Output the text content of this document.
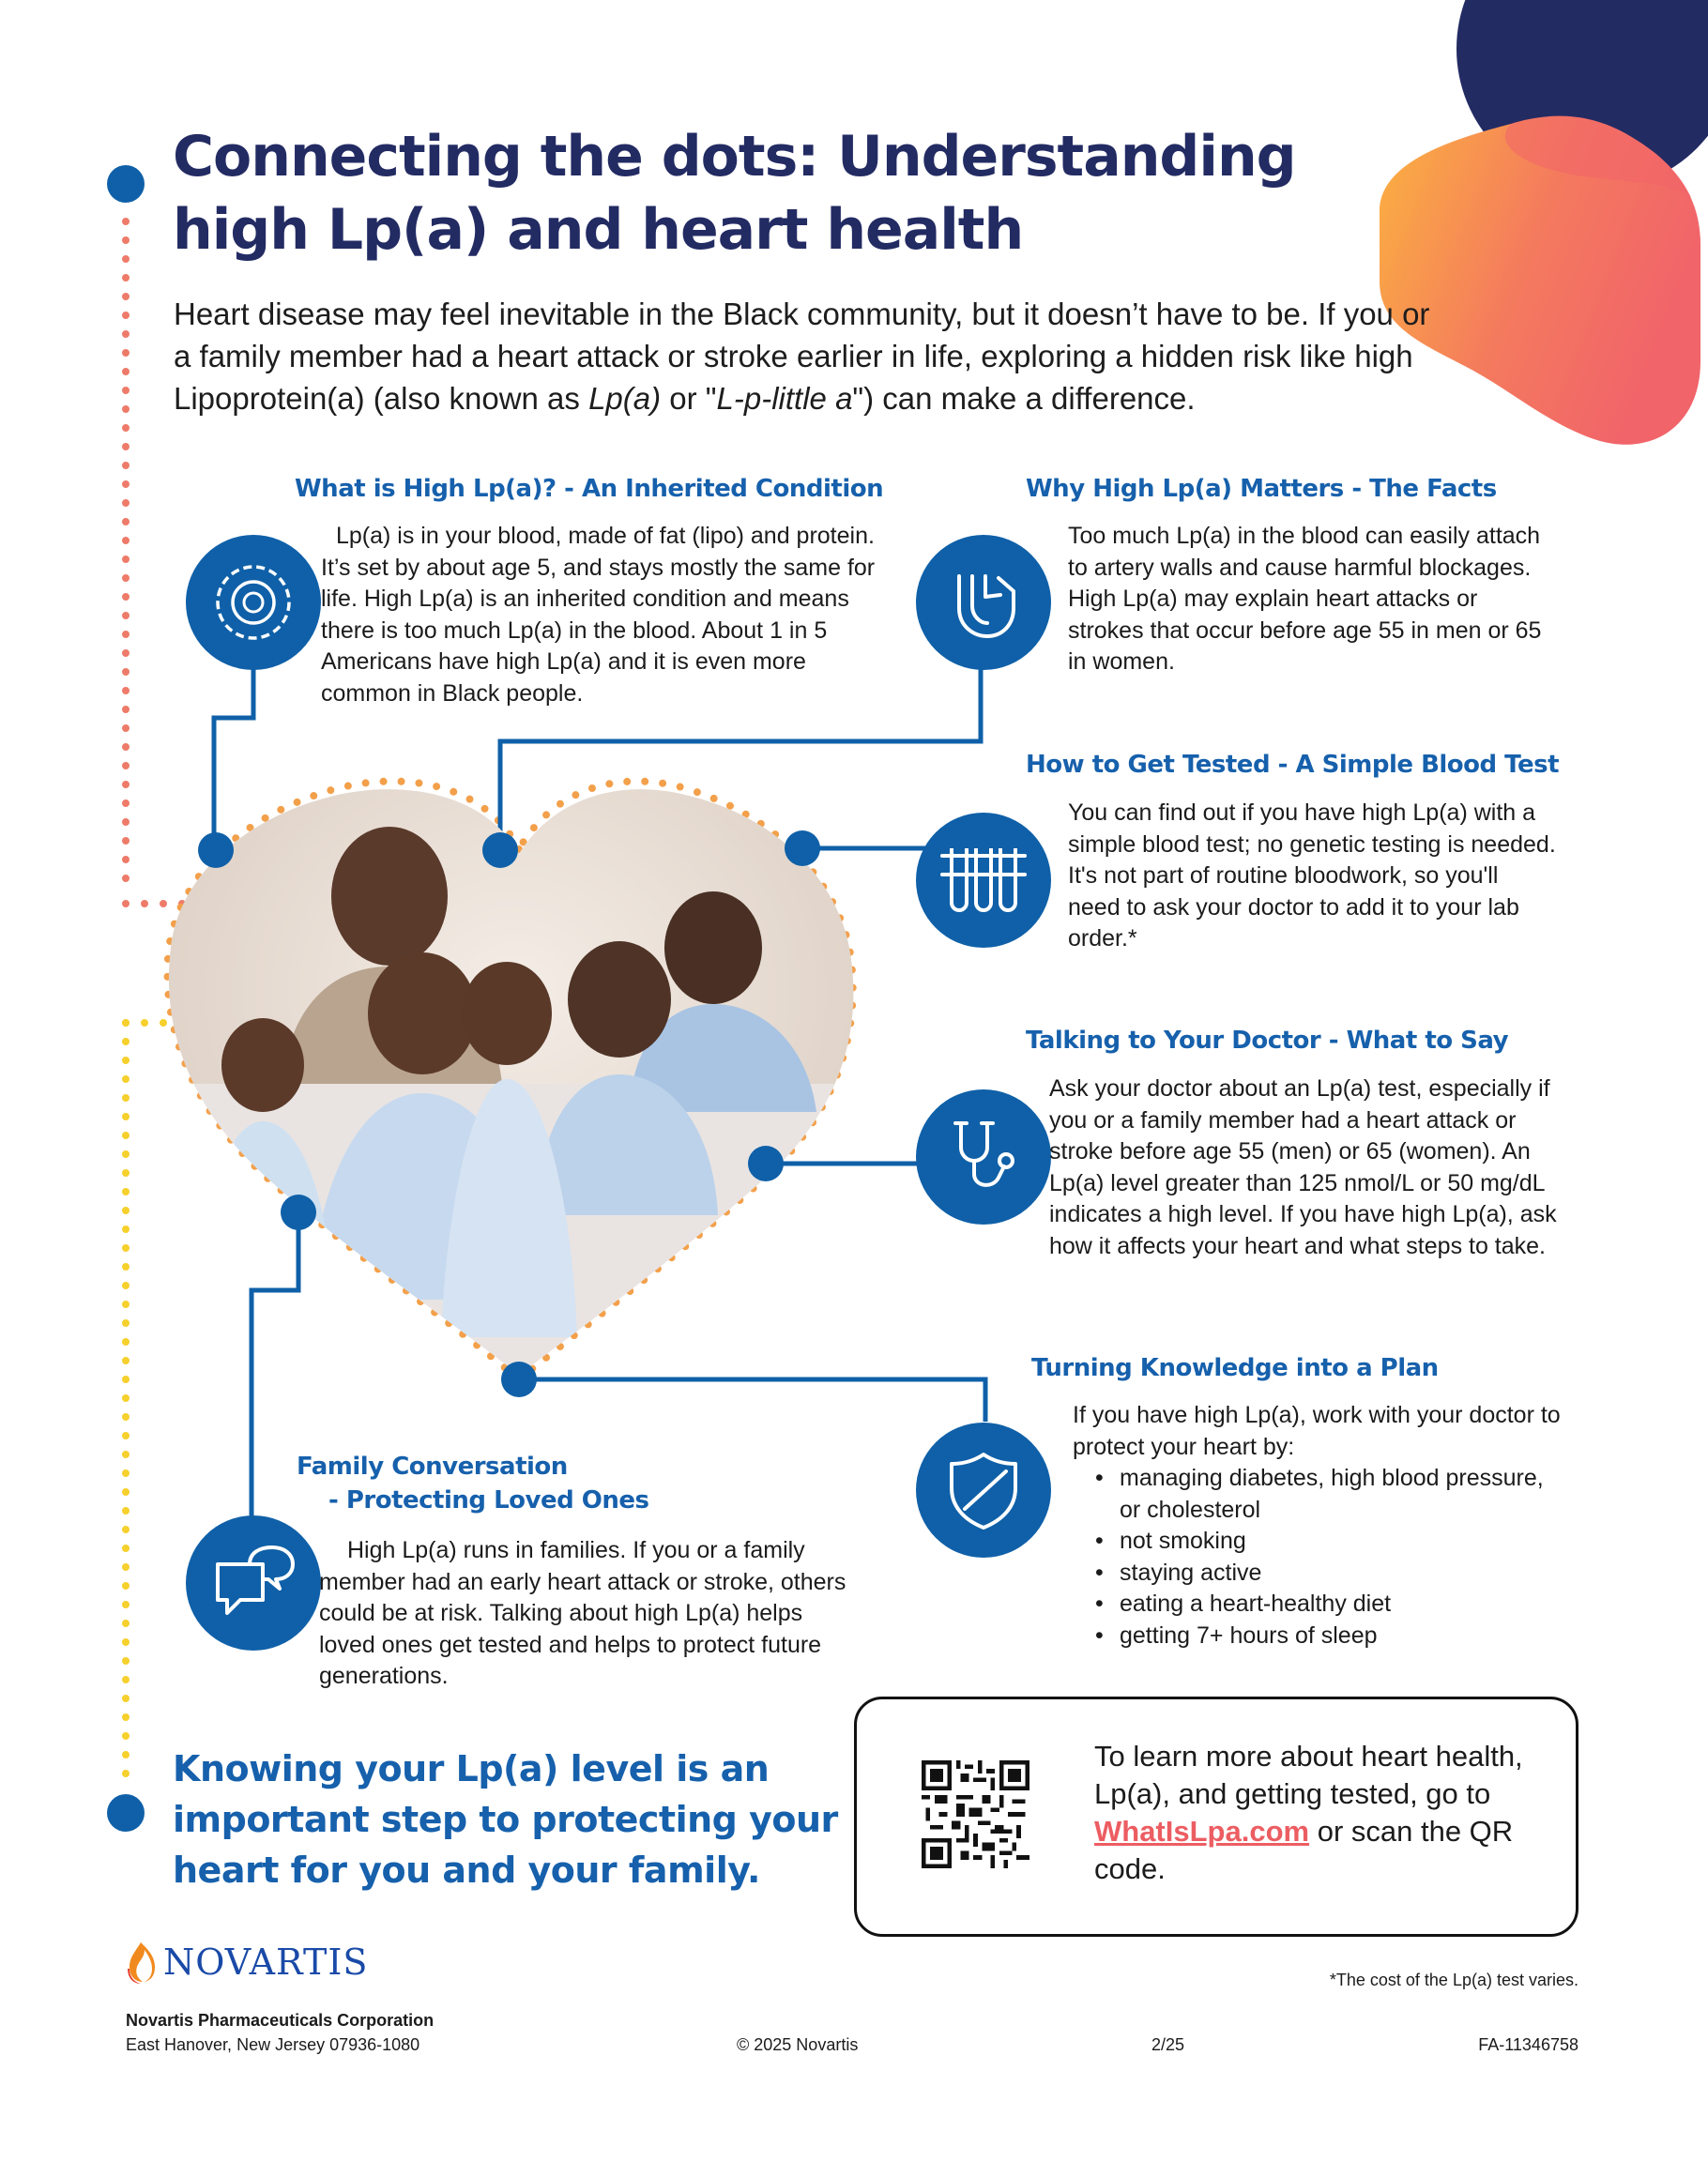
Connecting the dots: Understanding high Lp(a) and heart health

Heart disease may feel inevitable in the Black community, but it doesn’t have to be. If you or a family member had a heart attack or stroke earlier in life, exploring a hidden risk like high Lipoprotein(a) (also known as Lp(a) or "L-p-little a") can make a difference.

What is High Lp(a)? - An Inherited Condition

Lp(a) is in your blood, made of fat (lipo) and protein. It’s set by about age 5, and stays mostly the same for life. High Lp(a) is an inherited condition and means there is too much Lp(a) in the blood. About 1 in 5 Americans have high Lp(a) and it is even more common in Black people.

Why High Lp(a) Matters - The Facts

Too much Lp(a) in the blood can easily attach to artery walls and cause harmful blockages. High Lp(a) may explain heart attacks or strokes that occur before age 55 in men or 65 in women.

How to Get Tested - A Simple Blood Test

You can find out if you have high Lp(a) with a simple blood test; no genetic testing is needed. It's not part of routine bloodwork, so you'll need to ask your doctor to add it to your lab order.*

Talking to Your Doctor - What to Say

Ask your doctor about an Lp(a) test, especially if you or a family member had a heart attack or stroke before age 55 (men) or 65 (women). An Lp(a) level greater than 125 nmol/L or 50 mg/dL indicates a high level. If you have high Lp(a), ask how it affects your heart and what steps to take.

Turning Knowledge into a Plan

If you have high Lp(a), work with your doctor to protect your heart by:

• managing diabetes, high blood pressure, or cholesterol
• not smoking
• staying active
• eating a heart-healthy diet
• getting 7+ hours of sleep
Family Conversation
- Protecting Loved Ones

High Lp(a) runs in families. If you or a family member had an early heart attack or stroke, others could be at risk. Talking about high Lp(a) helps loved ones get tested and helps to protect future generations.

Knowing your Lp(a) level is an important step to protecting your heart for you and your family.

To learn more about heart health, Lp(a), and getting tested, go to WhatIsLpa.com or scan the QR code.

NOVARTIS	*The cost of the Lp(a) test varies.

Novartis Pharmaceuticals Corporation

East Hanover, New Jersey 07936-1080	© 2025 Novartis	2/25	FA-11346758
